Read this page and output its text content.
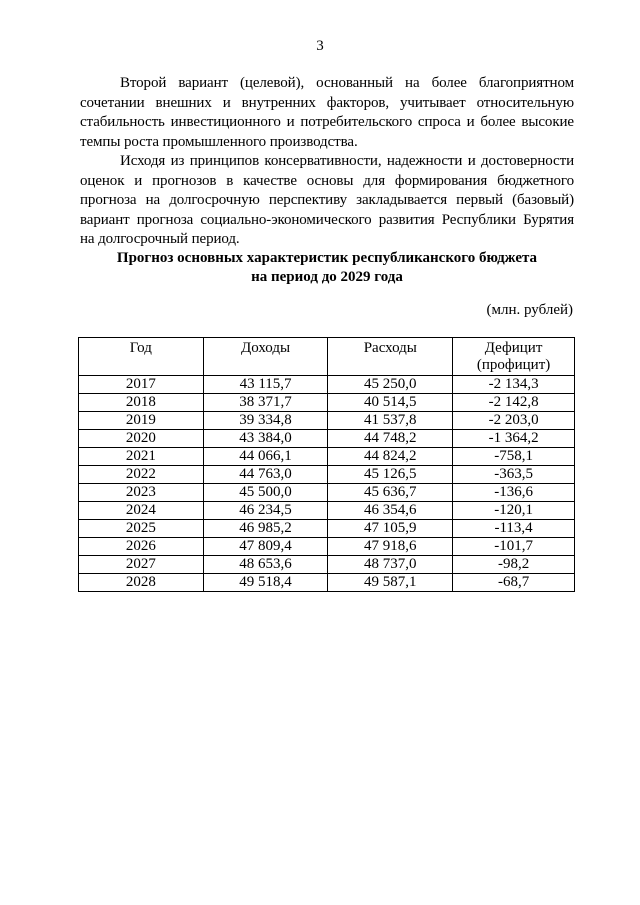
3

Второй вариант (целевой), основанный на более благоприятном сочетании внешних и внутренних факторов, учитывает относительную стабильность инвестиционного и потребительского спроса и более высокие темпы роста промышленного производства.

Исходя из принципов консервативности, надежности и достоверности оценок и прогнозов в качестве основы для формирования бюджетного прогноза на долгосрочную перспективу закладывается первый (базовый) вариант прогноза социально-экономического развития Республики Бурятия на долгосрочный период.

Прогноз основных характеристик республиканского бюджета
на период до 2029 года
(млн. рублей)
Год	Доходы	Расходы	Дефицит
(профицит)
2017	43 115,7	45 250,0	-2 134,3
2018	38 371,7	40 514,5	-2 142,8
2019	39 334,8	41 537,8	-2 203,0
2020	43 384,0	44 748,2	-1 364,2
2021	44 066,1	44 824,2	-758,1
2022	44 763,0	45 126,5	-363,5
2023	45 500,0	45 636,7	-136,6
2024	46 234,5	46 354,6	-120,1
2025	46 985,2	47 105,9	-113,4
2026	47 809,4	47 918,6	-101,7
2027	48 653,6	48 737,0	-98,2
2028	49 518,4	49 587,1	-68,7
